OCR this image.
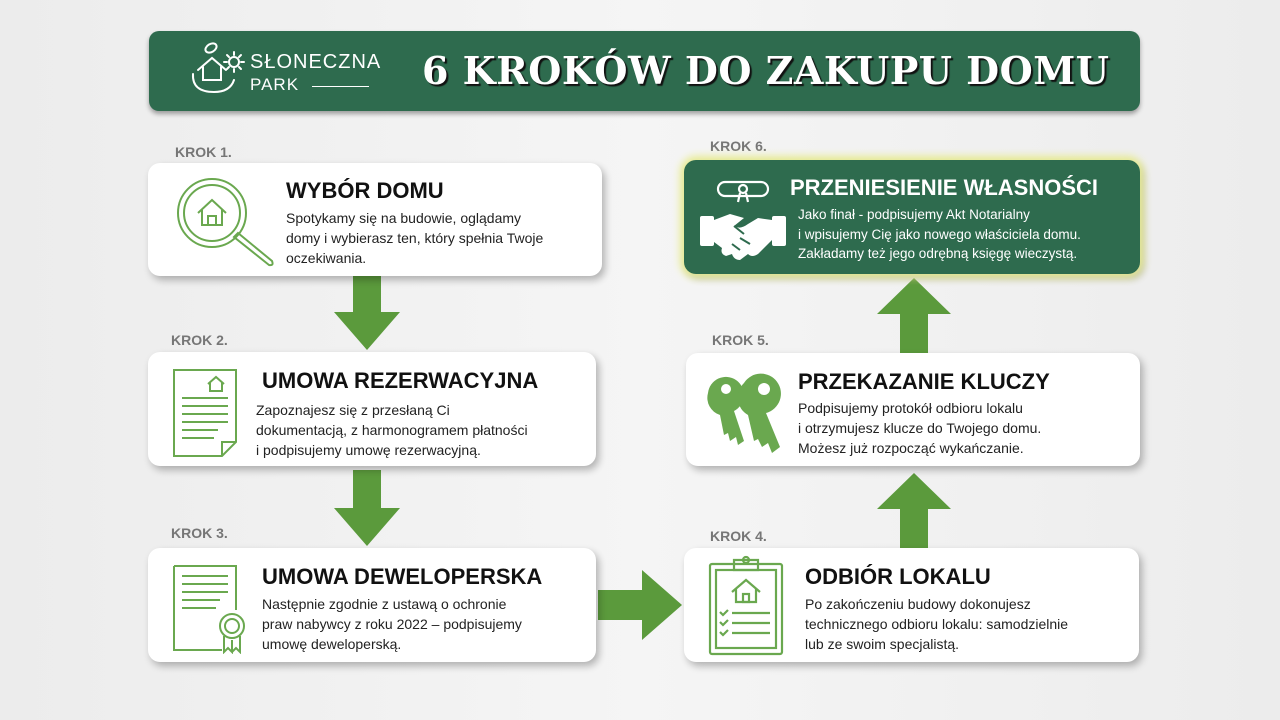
SŁONECZNA
PARK	6 KROKÓW DO ZAKUPU DOMU
KROK 1.
WYBÓR DOMU
Spotykamy się na budowie, oglądamy
domy i wybierasz ten, który spełnia Twoje
oczekiwania.
KROK 2.
UMOWA REZERWACYJNA
Zapoznajesz się z przesłaną Ci
dokumentacją, z harmonogramem płatności
i podpisujemy umowę rezerwacyjną.
KROK 3.
UMOWA DEWELOPERSKA
Następnie zgodnie z ustawą o ochronie
praw nabywcy z roku 2022 – podpisujemy
umowę deweloperską.
KROK 4.
ODBIÓR LOKALU
Po zakończeniu budowy dokonujesz
technicznego odbioru lokalu: samodzielnie
lub ze swoim specjalistą.
KROK 5.
PRZEKAZANIE KLUCZY
Podpisujemy protokół odbioru lokalu
i otrzymujesz klucze do Twojego domu.
Możesz już rozpocząć wykańczanie.
KROK 6.
PRZENIESIENIE WŁASNOŚCI
Jako finał - podpisujemy Akt Notarialny
i wpisujemy Cię jako nowego właściciela domu.
Zakładamy też jego odrębną księgę wieczystą.
